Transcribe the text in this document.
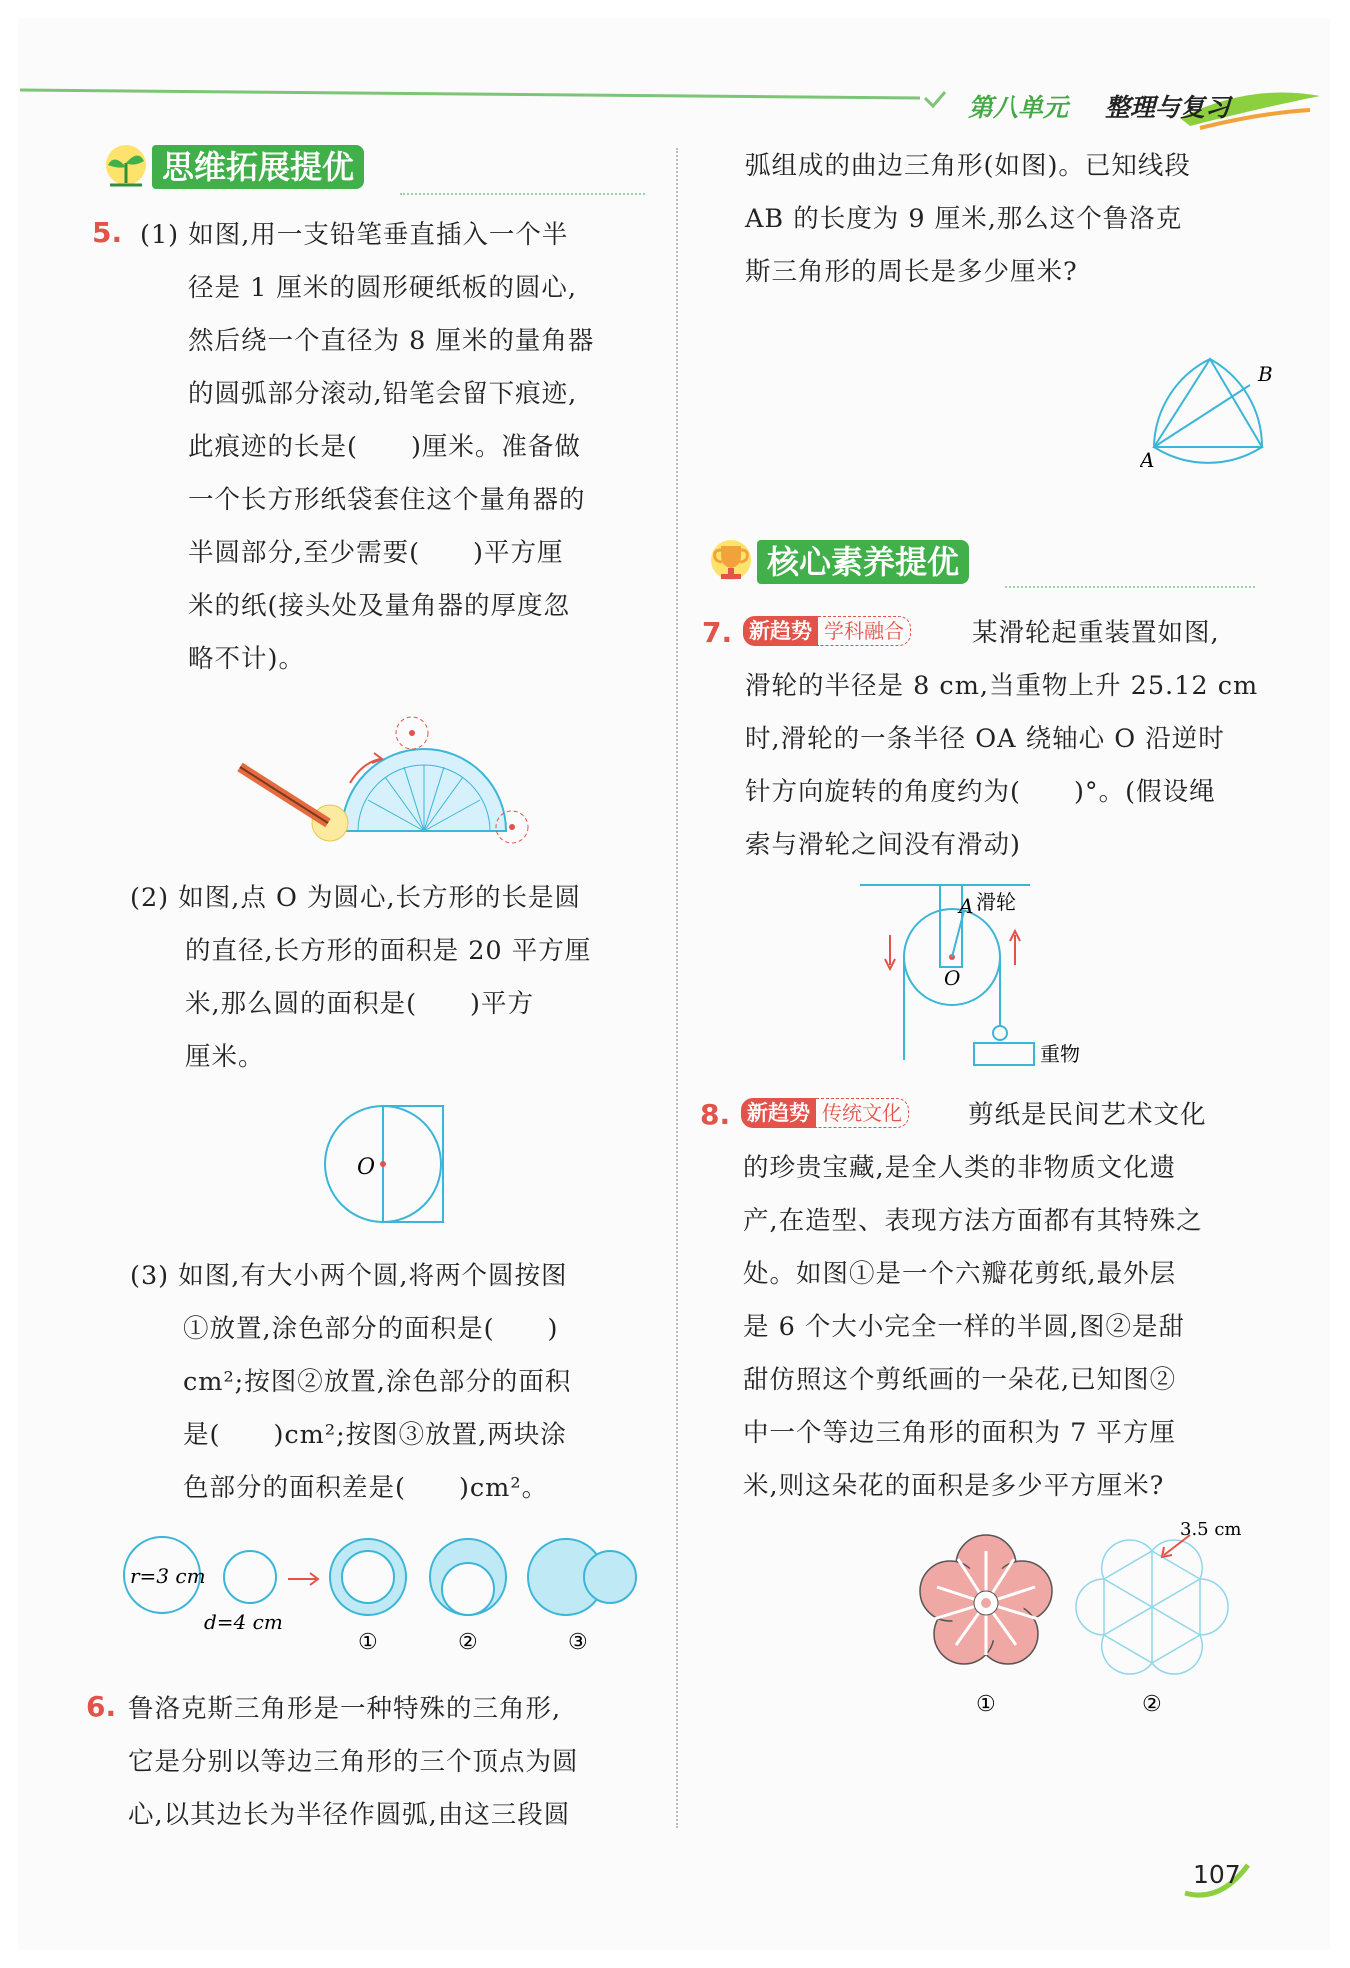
第八单元 整理与复习
思维拓展提优
5. (1) 如图,用一支铅笔垂直插入一个半
径是 1 厘米的圆形硬纸板的圆心,
然后绕一个直径为 8 厘米的量角器
的圆弧部分滚动,铅笔会留下痕迹,
此痕迹的长是(　　)厘米。准备做
一个长方形纸袋套住这个量角器的
半圆部分,至少需要(　　)平方厘
米的纸(接头处及量角器的厚度忽
略不计)。
(2) 如图,点 O 为圆心,长方形的长是圆
的直径,长方形的面积是 20 平方厘
米,那么圆的面积是(　　)平方
厘米。
O
(3) 如图,有大小两个圆,将两个圆按图
①放置,涂色部分的面积是(　　)
cm²;按图②放置,涂色部分的面积
是(　　)cm²;按图③放置,两块涂
色部分的面积差是(　　)cm²。
r=3 cm
d=4 cm
①	②	③
6. 鲁洛克斯三角形是一种特殊的三角形,
它是分别以等边三角形的三个顶点为圆
心,以其边长为半径作圆弧,由这三段圆
弧组成的曲边三角形(如图)。已知线段
AB 的长度为 9 厘米,那么这个鲁洛克
斯三角形的周长是多少厘米?
A
B
核心素养提优
7. 新趋势 学科融合	某滑轮起重装置如图,
滑轮的半径是 8 cm,当重物上升 25.12 cm
时,滑轮的一条半径 OA 绕轴心 O 沿逆时
针方向旋转的角度约为(　　)°。(假设绳
索与滑轮之间没有滑动)
A
O
滑轮
重物
8. 新趋势 传统文化	剪纸是民间艺术文化
的珍贵宝藏,是全人类的非物质文化遗
产,在造型、表现方法方面都有其特殊之
处。如图①是一个六瓣花剪纸,最外层
是 6 个大小完全一样的半圆,图②是甜
甜仿照这个剪纸画的一朵花,已知图②
中一个等边三角形的面积为 7 平方厘
米,则这朵花的面积是多少平方厘米?
①
3.5 cm
②
107
